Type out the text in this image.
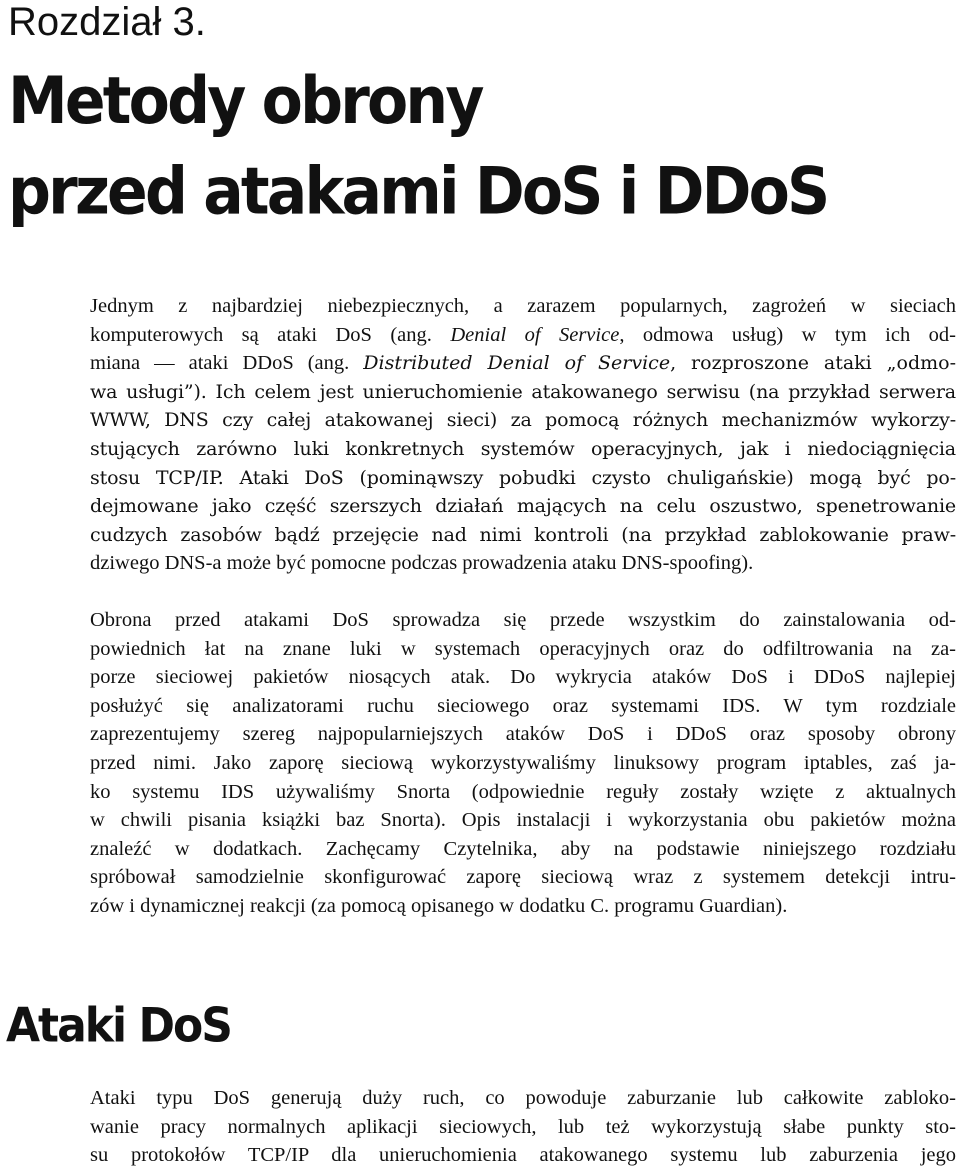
Rozdział 3.
Metody obrony
przed atakami DoS i DDoS
Jednym z najbardziej niebezpiecznych, a zarazem popularnych, zagrożeń w sieciach
komputerowych są ataki DoS (ang. Denial of Service, odmowa usług) w tym ich od-
miana — ataki DDoS (ang. Distributed Denial of Service, rozproszone ataki „odmo-
wa usługi”). Ich celem jest unieruchomienie atakowanego serwisu (na przykład serwera
WWW, DNS czy całej atakowanej sieci) za pomocą różnych mechanizmów wykorzy-
stujących zarówno luki konkretnych systemów operacyjnych, jak i niedociągnięcia
stosu TCP/IP. Ataki DoS (pominąwszy pobudki czysto chuligańskie) mogą być po-
dejmowane jako część szerszych działań mających na celu oszustwo, spenetrowanie
cudzych zasobów bądź przejęcie nad nimi kontroli (na przykład zablokowanie praw-
dziwego DNS-a może być pomocne podczas prowadzenia ataku DNS-spoofing).
Obrona przed atakami DoS sprowadza się przede wszystkim do zainstalowania od-
powiednich łat na znane luki w systemach operacyjnych oraz do odfiltrowania na za-
porze sieciowej pakietów niosących atak. Do wykrycia ataków DoS i DDoS najlepiej
posłużyć się analizatorami ruchu sieciowego oraz systemami IDS. W tym rozdziale
zaprezentujemy szereg najpopularniejszych ataków DoS i DDoS oraz sposoby obrony
przed nimi. Jako zaporę sieciową wykorzystywaliśmy linuksowy program iptables, zaś ja-
ko systemu IDS używaliśmy Snorta (odpowiednie reguły zostały wzięte z aktualnych
w chwili pisania książki baz Snorta). Opis instalacji i wykorzystania obu pakietów można
znaleźć w dodatkach. Zachęcamy Czytelnika, aby na podstawie niniejszego rozdziału
spróbował samodzielnie skonfigurować zaporę sieciową wraz z systemem detekcji intru-
zów i dynamicznej reakcji (za pomocą opisanego w dodatku C. programu Guardian).
Ataki DoS
Ataki typu DoS generują duży ruch, co powoduje zaburzanie lub całkowite zabloko-
wanie pracy normalnych aplikacji sieciowych, lub też wykorzystują słabe punkty sto-
su protokołów TCP/IP dla unieruchomienia atakowanego systemu lub zaburzenia jego
